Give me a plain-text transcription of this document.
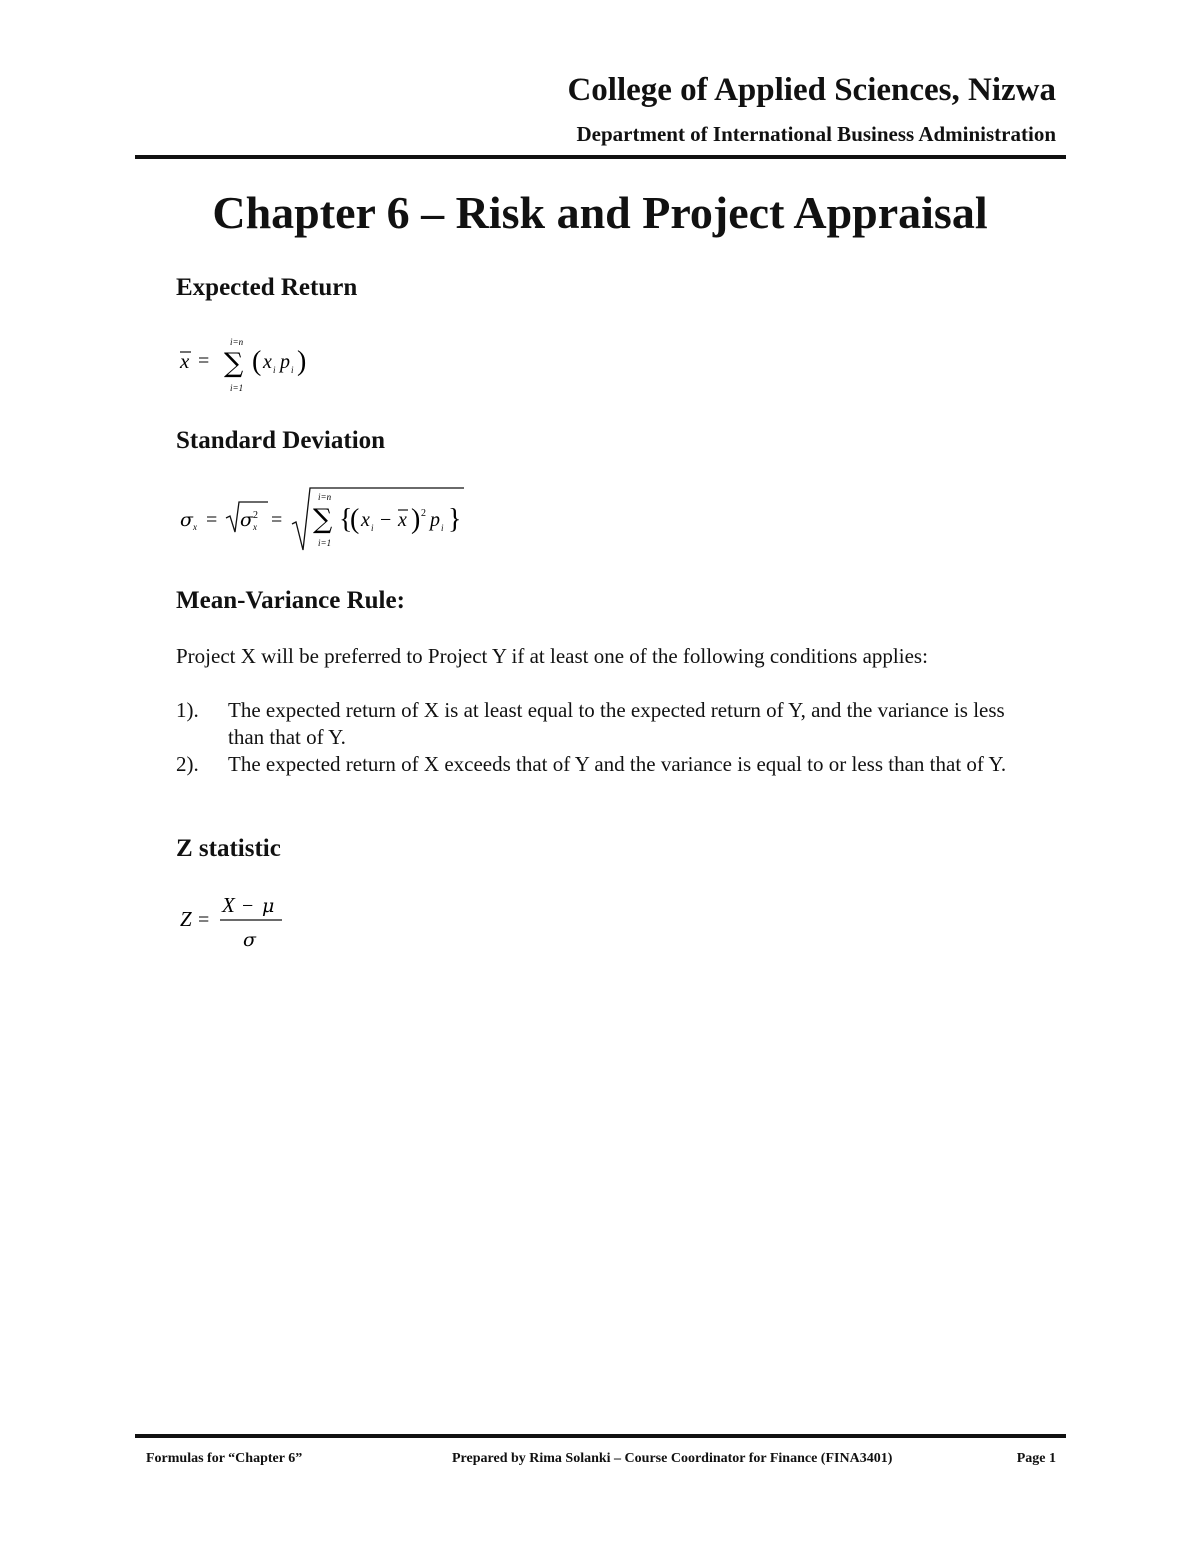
College of Applied Sciences, Nizwa
Department of International Business Administration
Chapter 6 – Risk and Project Appraisal
Expected Return
x =
i=n
∑
i=1
( x i p i )
Standard Deviation
σ x = σ 2
x =
i=n
∑
i=1
{
( x i − x ) 2 p i }
Mean-Variance Rule:
Project X will be preferred to Project Y if at least one of the following conditions applies:
1). The expected return of X is at least equal to the expected return of Y, and the variance is less than that of Y.
2). The expected return of X exceeds that of Y and the variance is equal to or less than that of Y.
Z statistic
Z =
X − μ
σ
Formulas for “Chapter 6”	Prepared by Rima Solanki – Course Coordinator for Finance (FINA3401)	Page 1
